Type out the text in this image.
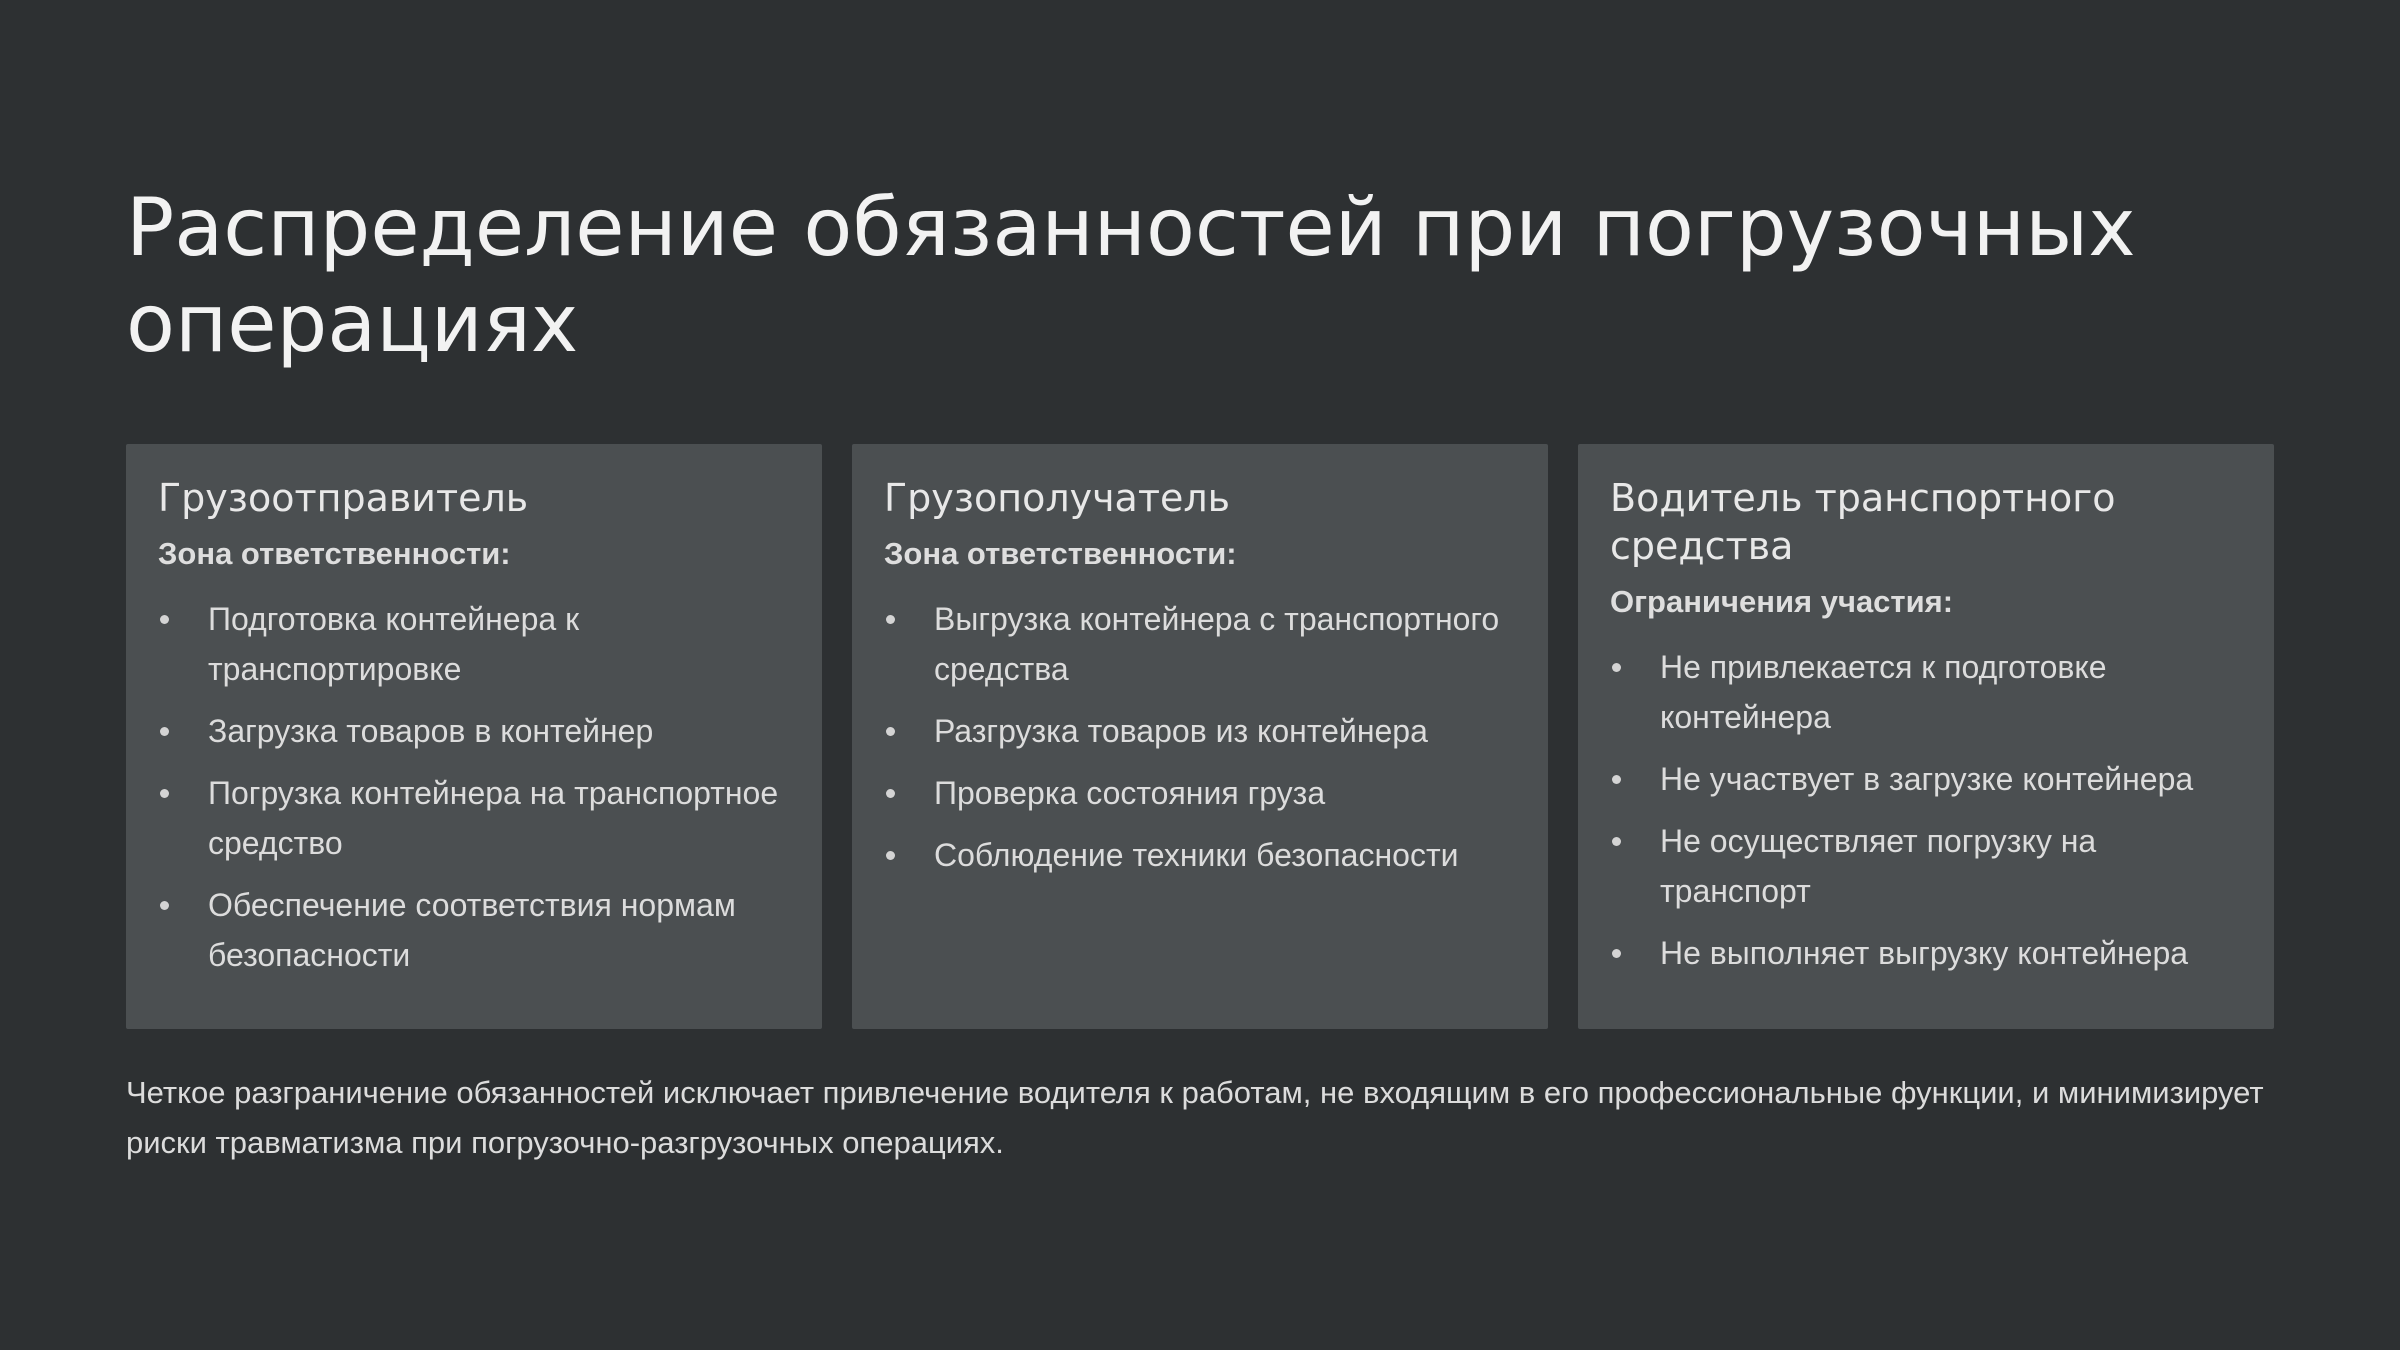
Распределение обязанностей при погрузочных операциях
Грузоотправитель
Зона ответственности:
Подготовка контейнера к транспортировке
Загрузка товаров в контейнер
Погрузка контейнера на транспортное средство
Обеспечение соответствия нормам безопасности
Грузополучатель
Зона ответственности:
Выгрузка контейнера с транспортного средства
Разгрузка товаров из контейнера
Проверка состояния груза
Соблюдение техники безопасности
Водитель транспортного средства
Ограничения участия:
Не привлекается к подготовке контейнера
Не участвует в загрузке контейнера
Не осуществляет погрузку на транспорт
Не выполняет выгрузку контейнера

Четкое разграничение обязанностей исключает привлечение водителя к работам, не входящим в его профессиональные функции, и минимизирует риски травматизма при погрузочно-разгрузочных операциях.
